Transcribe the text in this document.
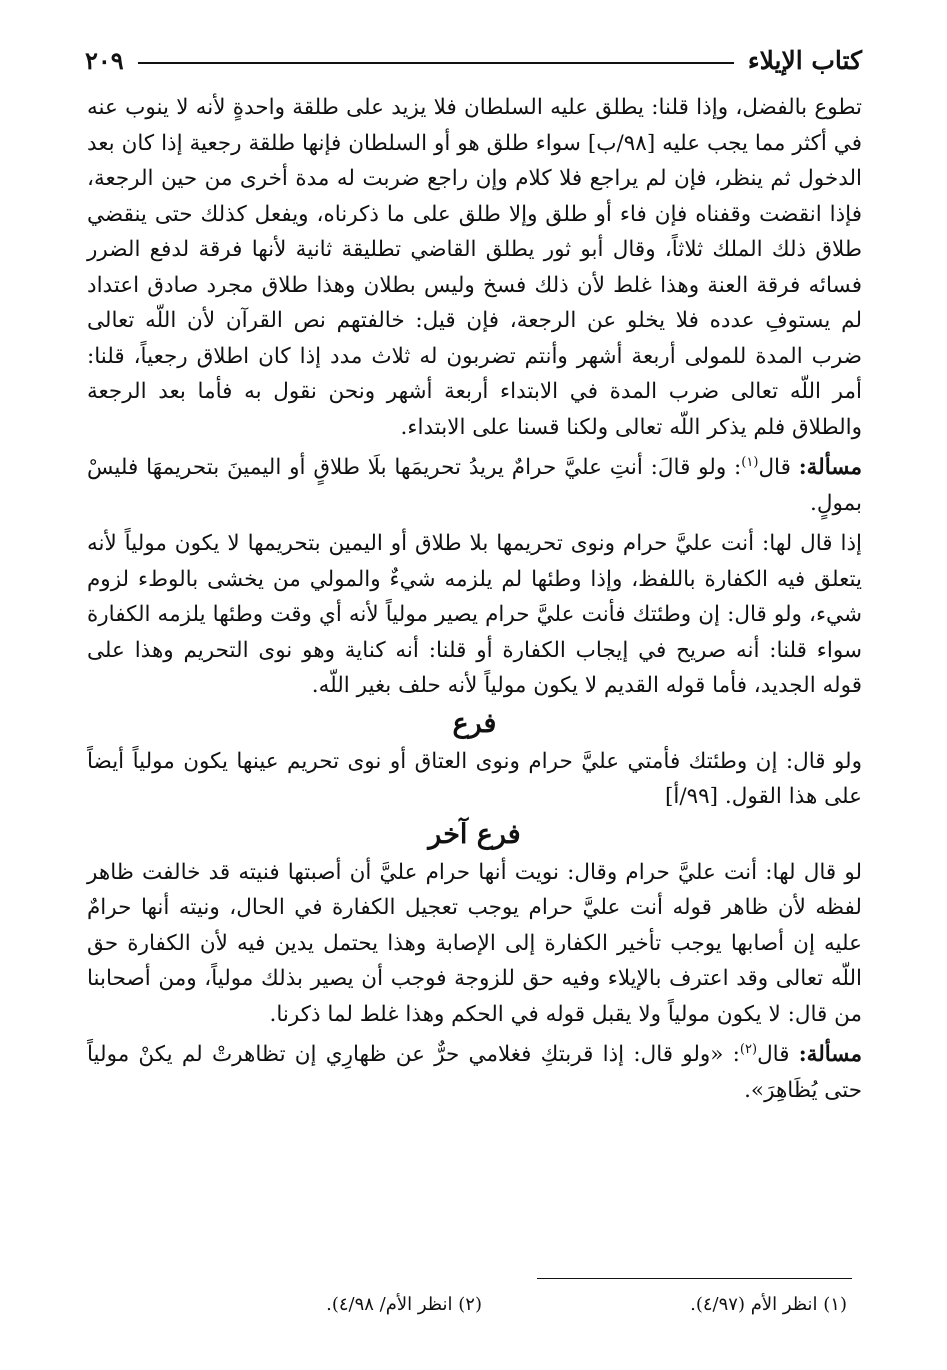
كتاب الإيلاء
٢٠٩

تطوع بالفضل، وإذا قلنا: يطلق عليه السلطان فلا يزيد على طلقة واحدةٍ لأنه لا ينوب عنه في أكثر مما يجب عليه [٩٨/ب] سواء طلق هو أو السلطان فإنها طلقة رجعية إذا كان بعد الدخول ثم ينظر، فإن لم يراجع فلا كلام وإن راجع ضربت له مدة أخرى من حين الرجعة، فإذا انقضت وقفناه فإن فاء أو طلق وإلا طلق على ما ذكرناه، ويفعل كذلك حتى ينقضي طلاق ذلك الملك ثلاثاً، وقال أبو ثور يطلق القاضي تطليقة ثانية لأنها فرقة لدفع الضرر فسائه فرقة العنة وهذا غلط لأن ذلك فسخ وليس بطلان وهذا طلاق مجرد صادق اعتداد لم يستوفِ عدده فلا يخلو عن الرجعة، فإن قيل: خالفتهم نص القرآن لأن اللّه تعالى ضرب المدة للمولى أربعة أشهر وأنتم تضربون له ثلاث مدد إذا كان اطلاق رجعياً، قلنا: أمر اللّه تعالى ضرب المدة في الابتداء أربعة أشهر ونحن نقول به فأما بعد الرجعة والطلاق فلم يذكر اللّه تعالى ولكنا قسنا على الابتداء.

مسألة: قال$^{(١)}$: ولو قالَ: أنتِ عليَّ حرامٌ يريدُ تحريمَها بلَا طلاقٍ أو اليمينَ بتحريمهَا فليسْ بمولٍ.

إذا قال لها: أنت عليَّ حرام ونوى تحريمها بلا طلاق أو اليمين بتحريمها لا يكون مولياً لأنه يتعلق فيه الكفارة باللفظ، وإذا وطئها لم يلزمه شيءٌ والمولي من يخشى بالوطء لزوم شيء، ولو قال: إن وطئتك فأنت عليَّ حرام يصير مولياً لأنه أي وقت وطئها يلزمه الكفارة سواء قلنا: أنه صريح في إيجاب الكفارة أو قلنا: أنه كناية وهو نوى التحريم وهذا على قوله الجديد، فأما قوله القديم لا يكون مولياً لأنه حلف بغير اللّه.

فرع

ولو قال: إن وطئتك فأمتي عليَّ حرام ونوى العتاق أو نوى تحريم عينها يكون مولياً أيضاً على هذا القول. [٩٩/أ]

فرع آخر

لو قال لها: أنت عليَّ حرام وقال: نويت أنها حرام عليَّ أن أصبتها فنيته قد خالفت ظاهر لفظه لأن ظاهر قوله أنت عليَّ حرام يوجب تعجيل الكفارة في الحال، ونيته أنها حرامٌ عليه إن أصابها يوجب تأخير الكفارة إلى الإصابة وهذا يحتمل يدين فيه لأن الكفارة حق اللّه تعالى وقد اعترف بالإيلاء وفيه حق للزوجة فوجب أن يصير بذلك مولياً، ومن أصحابنا من قال: لا يكون مولياً ولا يقبل قوله في الحكم وهذا غلط لما ذكرنا.

مسألة: قال$^{(٢)}$: «ولو قال: إذا قربتكِ فغلامي حرٌّ عن ظهارِي إن تظاهرتْ لم يكنْ مولياً حتى يُظَاهِرَ».

(١) انظر الأم (٤/٩٧).
(٢) انظر الأم/ ٤/٩٨).
